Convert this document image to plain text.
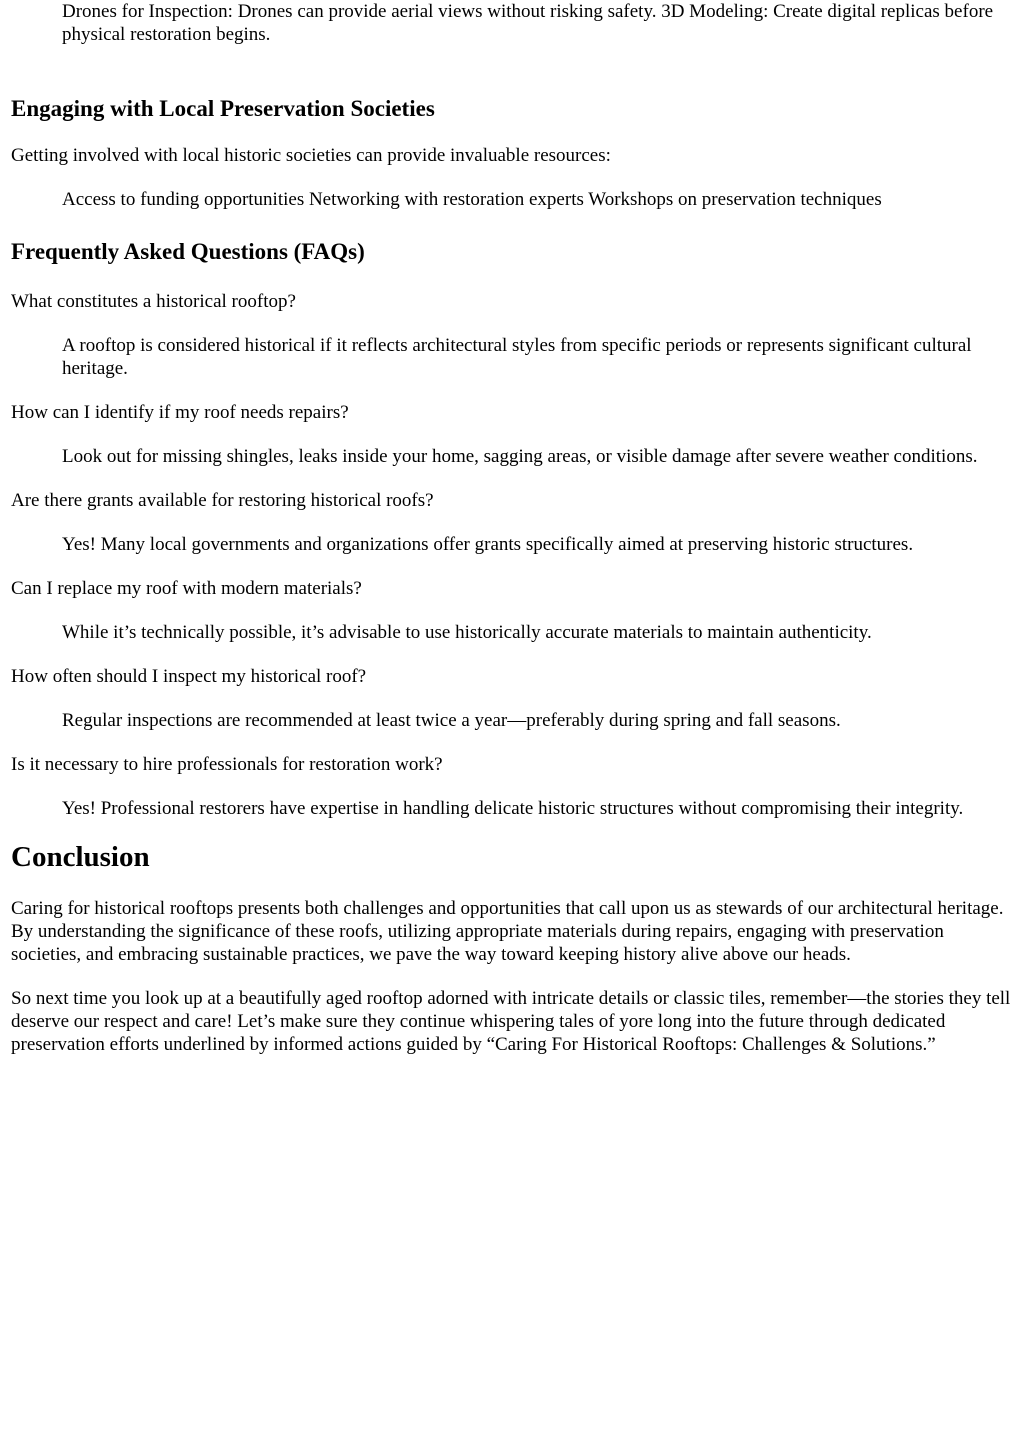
Drones for Inspection: Drones can provide aerial views without risking safety. 3D Modeling: Create digital replicas before physical restoration begins.

Engaging with Local Preservation Societies

Getting involved with local historic societies can provide invaluable resources:

Access to funding opportunities Networking with restoration experts Workshops on preservation techniques

Frequently Asked Questions (FAQs)

What constitutes a historical rooftop?

A rooftop is considered historical if it reflects architectural styles from specific periods or represents significant cultural heritage.

How can I identify if my roof needs repairs?

Look out for missing shingles, leaks inside your home, sagging areas, or visible damage after severe weather conditions.

Are there grants available for restoring historical roofs?

Yes! Many local governments and organizations offer grants specifically aimed at preserving historic structures.

Can I replace my roof with modern materials?

While it’s technically possible, it’s advisable to use historically accurate materials to maintain authenticity.

How often should I inspect my historical roof?

Regular inspections are recommended at least twice a year—preferably during spring and fall seasons.

Is it necessary to hire professionals for restoration work?

Yes! Professional restorers have expertise in handling delicate historic structures without compromising their integrity.

Conclusion

Caring for historical rooftops presents both challenges and opportunities that call upon us as stewards of our architectural heritage. By understanding the significance of these roofs, utilizing appropriate materials during repairs, engaging with preservation societies, and embracing sustainable practices, we pave the way toward keeping history alive above our heads.

So next time you look up at a beautifully aged rooftop adorned with intricate details or classic tiles, remember—the stories they tell deserve our respect and care! Let’s make sure they continue whispering tales of yore long into the future through dedicated preservation efforts underlined by informed actions guided by “Caring For Historical Rooftops: Challenges & Solutions.”
